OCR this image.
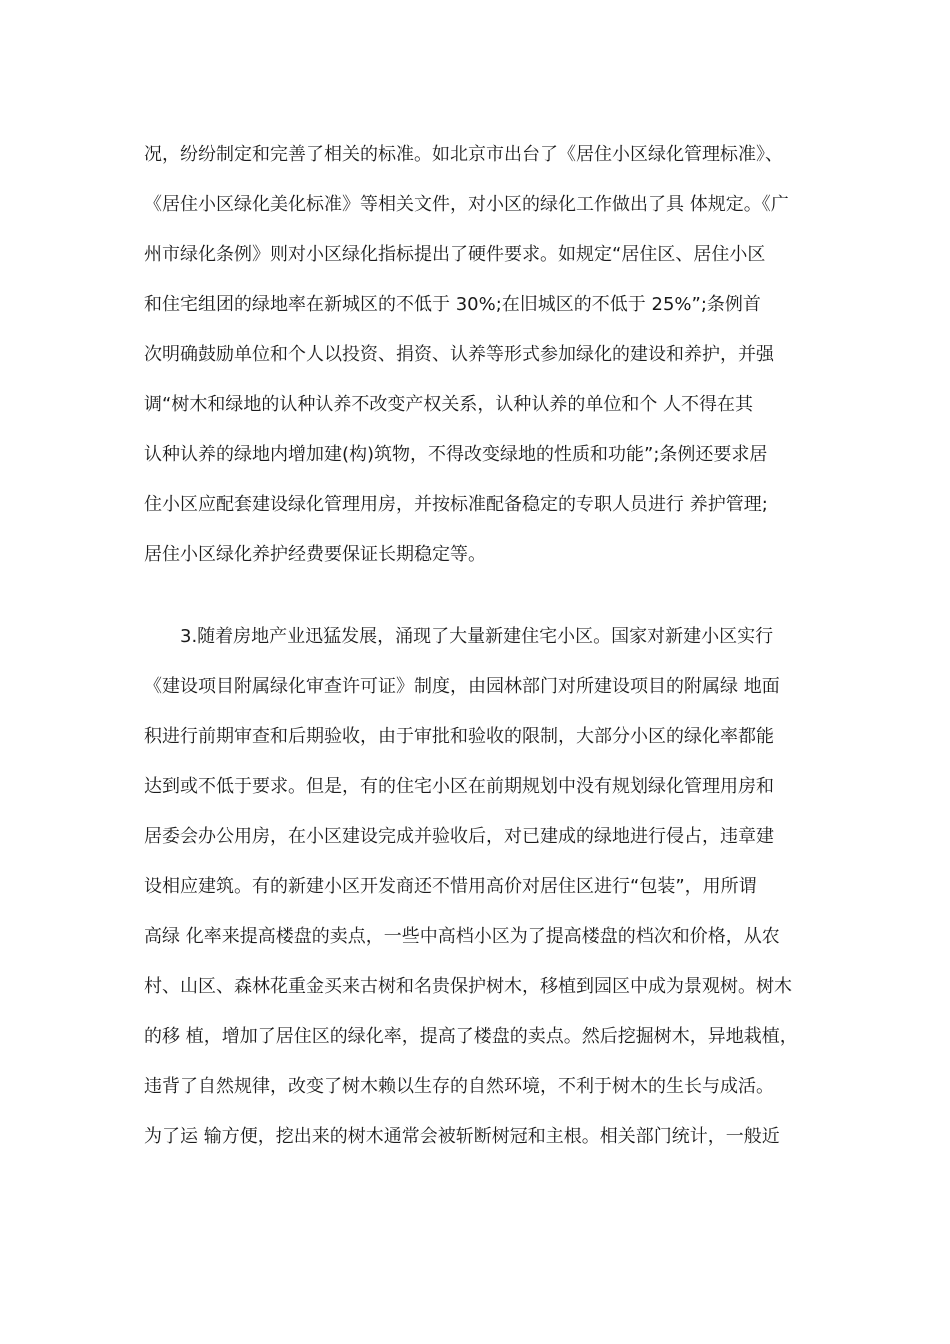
况，纷纷制定和完善了相关的标准。如北京市出台了《居住小区绿化管理标准》、
《居住小区绿化美化标准》等相关文件，对小区的绿化工作做出了具 体规定。《广
州市绿化条例》则对小区绿化指标提出了硬件要求。如规定“居住区、居住小区
和住宅组团的绿地率在新城区的不低于 30%;在旧城区的不低于 25%”;条例首
次明确鼓励单位和个人以投资、捐资、认养等形式参加绿化的建设和养护，并强
调“树木和绿地的认种认养不改变产权关系，认种认养的单位和个 人不得在其
认种认养的绿地内增加建(构)筑物，不得改变绿地的性质和功能”;条例还要求居
住小区应配套建设绿化管理用房，并按标准配备稳定的专职人员进行 养护管理;
居住小区绿化养护经费要保证长期稳定等。
　　3.随着房地产业迅猛发展，涌现了大量新建住宅小区。国家对新建小区实行
《建设项目附属绿化审查许可证》制度，由园林部门对所建设项目的附属绿 地面
积进行前期审查和后期验收，由于审批和验收的限制，大部分小区的绿化率都能
达到或不低于要求。但是，有的住宅小区在前期规划中没有规划绿化管理用房和
居委会办公用房，在小区建设完成并验收后，对已建成的绿地进行侵占，违章建
设相应建筑。有的新建小区开发商还不惜用高价对居住区进行“包装”，用所谓
高绿 化率来提高楼盘的卖点，一些中高档小区为了提高楼盘的档次和价格，从农
村、山区、森林花重金买来古树和名贵保护树木，移植到园区中成为景观树。树木
的移 植，增加了居住区的绿化率，提高了楼盘的卖点。然后挖掘树木，异地栽植，
违背了自然规律，改变了树木赖以生存的自然环境，不利于树木的生长与成活。
为了运 输方便，挖出来的树木通常会被斩断树冠和主根。相关部门统计，一般近
